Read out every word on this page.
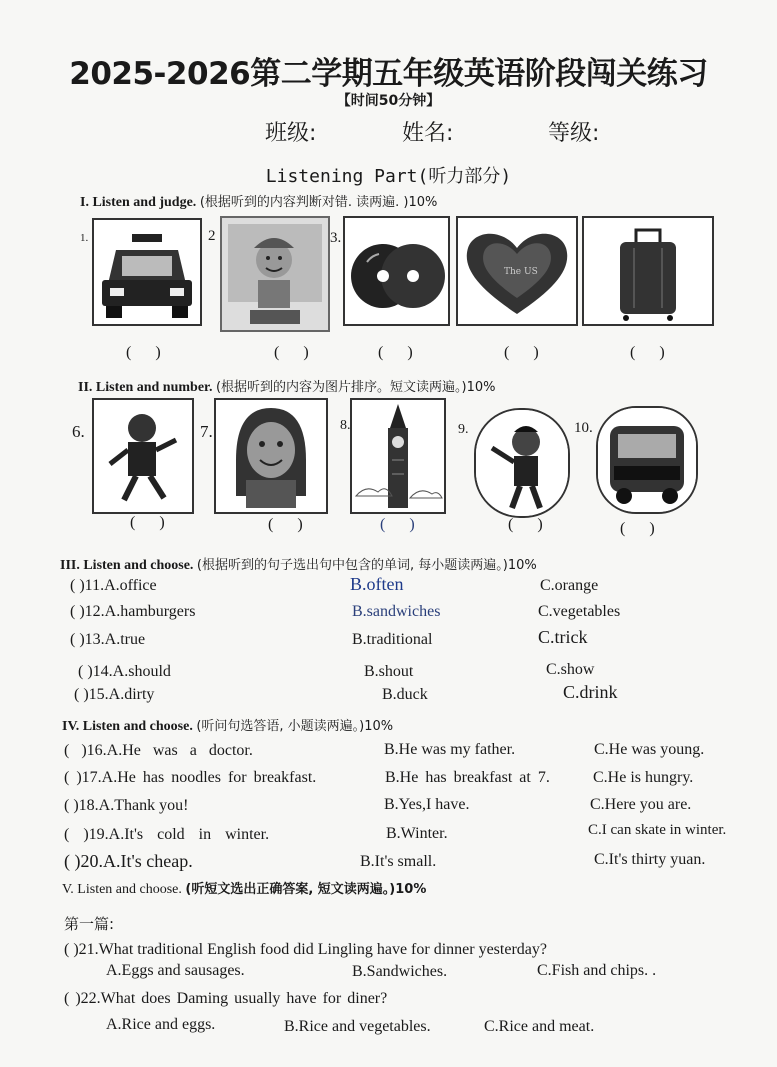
2025-2026第二学期五年级英语阶段闯关练习
【时间50分钟】
班级:	姓名:	等级:
Listening Part(听力部分)
I. Listen and judge. (根据听到的内容判断对错. 读两遍. )10%
1.	2	3.
The US
( )	( )	( )	( )	( )
II. Listen and number. (根据听到的内容为图片排序。短文读两遍。)10%
6.	7.	8.	9.	10.
( )	( )	( )	( )	( )
III. Listen and choose. (根据听到的句子选出句中包含的单词, 每小题读两遍。)10%
( )11.A.office	B.often	C.orange
( )12.A.hamburgers	B.sandwiches	C.vegetables
( )13.A.true	B.traditional	C.trick
( )14.A.should	B.shout	C.show
( )15.A.dirty	B.duck	C.drink
IV. Listen and choose. (听问句选答语, 小题读两遍。)10%
( )16.A.He was a doctor.	B.He was my father.	C.He was young.
( )17.A.He has noodles for breakfast.	B.He has breakfast at 7.	C.He is hungry.
( )18.A.Thank you!	B.Yes,I have.	C.Here you are.
( )19.A.It's cold in winter.	B.Winter.	C.I can skate in winter.
( )20.A.It's cheap.	B.It's small.	C.It's thirty yuan.
V. Listen and choose. (听短文选出正确答案, 短文读两遍。)10%
第一篇:
( )21.What traditional English food did Lingling have for dinner yesterday?
A.Eggs and sausages.	B.Sandwiches.	C.Fish and chips. .
( )22.What does Daming usually have for diner?
A.Rice and eggs.	B.Rice and vegetables.	C.Rice and meat.
